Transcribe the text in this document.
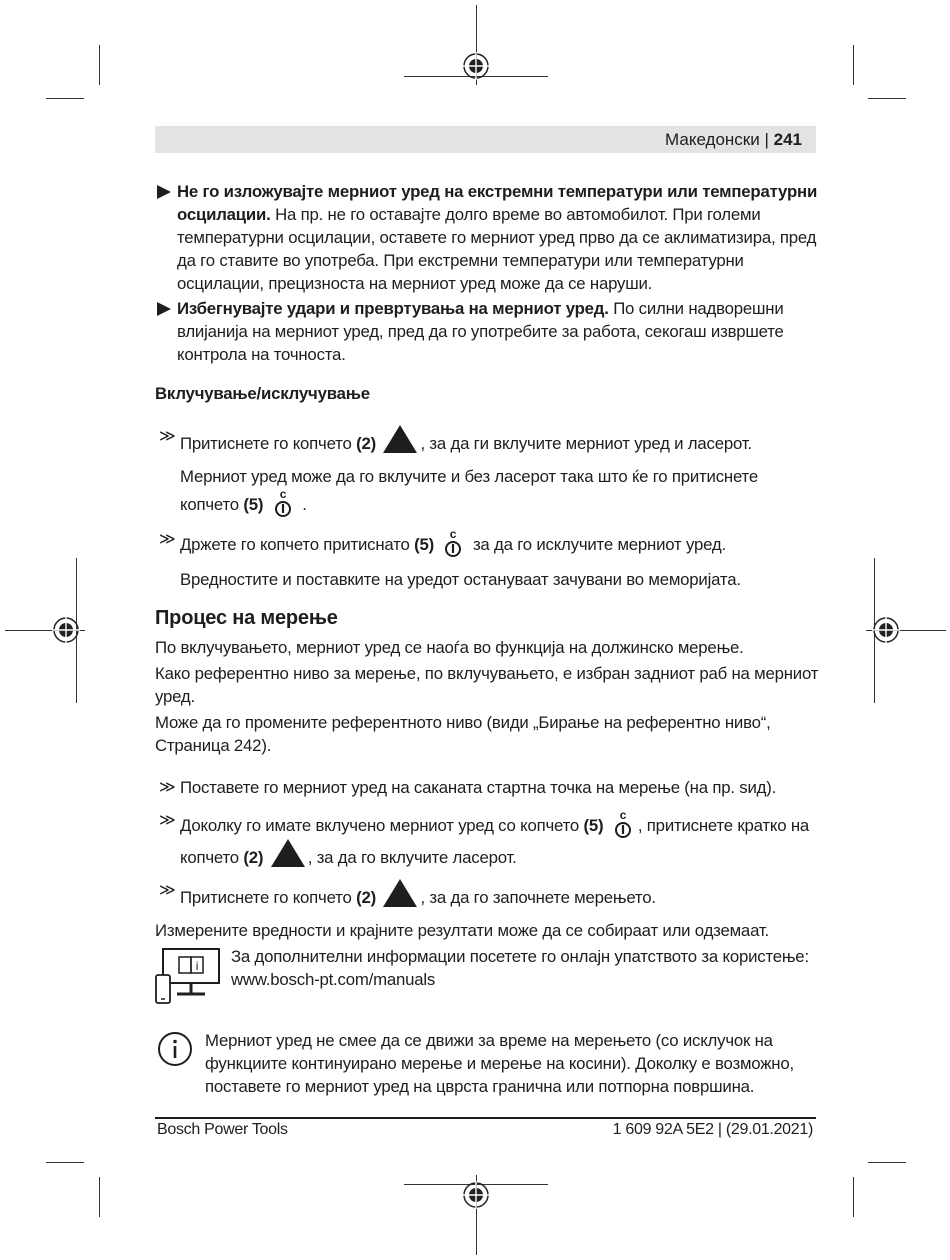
Македонски | 241
Не го изложувајте мерниот уред на екстремни температури или температурни осцилации. На пр. не го оставајте долго време во автомобилот. При големи температурни осцилации, оставете го мерниот уред прво да се аклиматизира, пред да го ставите во употреба. При екстремни температури или температурни осцилации, прецизноста на мерниот уред може да се наруши.
Избегнувајте удари и превртувања на мерниот уред. По силни надворешни влијанија на мерниот уред, пред да го употребите за работа, секогаш извршете контрола на точноста.
Вклучување/исклучување
≫ Притиснете го копчето (2)	, за да ги вклучите мерниот уред и ласерот.
Мерниот уред може да го вклучите и без ласерот така што ќе го притиснете копчето (5)
c
.
≫ Држете го копчето притиснато (5)
c
за да го исклучите мерниот уред.
Вредностите и поставките на уредот остануваат зачувани во меморијата.
Процес на мерење
По вклучувањето, мерниот уред се наоѓа во функција на должинско мерење.
Како референтно ниво за мерење, по вклучувањето, е избран задниот раб на мерниот уред.
Може да го промените референтното ниво (види „Бирање на референтно ниво“, Страница 242).
≫ Поставете го мерниот уред на саканата стартна точка на мерење (на пр. ѕид).
≫ Доколку го имате вклучено мерниот уред со копчето (5)
c
, притиснете кратко на копчето (2)	, за да го вклучите ласерот.
≫ Притиснете го копчето (2)	, за да го започнете мерењето.
Измерените вредности и крајните резултати може да се собираат или одземаат.
i За дополнителни информации посетете го онлајн упатството за користење:
www.bosch-pt.com/manuals
Мерниот уред не смее да се движи за време на мерењето (со исклучок на функциите континуирано мерење и мерење на косини). Доколку е возможно, поставете го мерниот уред на цврста гранична или потпорна површина.
Bosch Power Tools	1 609 92A 5E2 | (29.01.2021)
